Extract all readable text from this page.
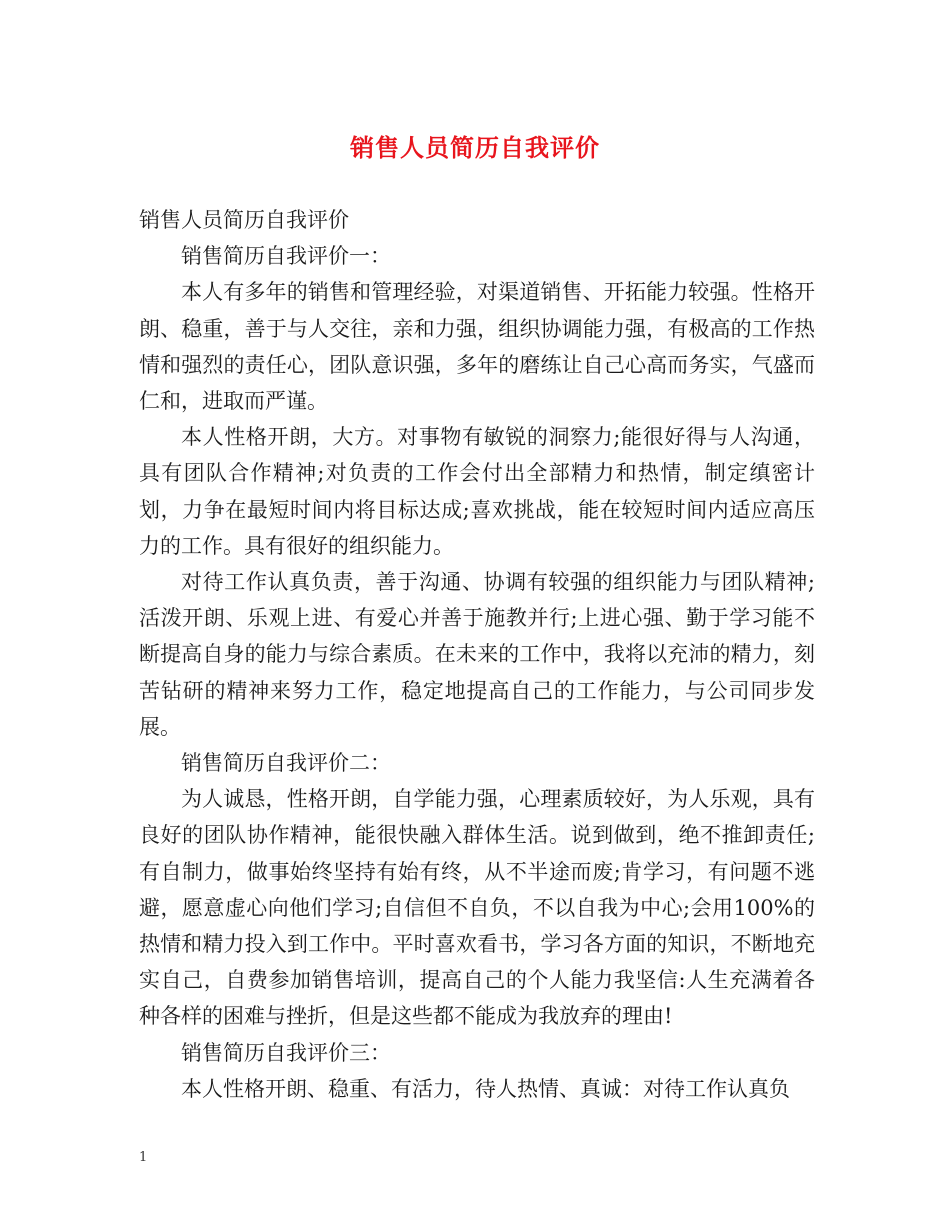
销售人员简历自我评价

销售人员简历自我评价

销售简历自我评价一：

本人有多年的销售和管理经验，对渠道销售、开拓能力较强。性格开朗、稳重，善于与人交往，亲和力强，组织协调能力强，有极高的工作热情和强烈的责任心，团队意识强，多年的磨练让自己心高而务实，气盛而仁和，进取而严谨。

本人性格开朗，大方。对事物有敏锐的洞察力;能很好得与人沟通，具有团队合作精神;对负责的工作会付出全部精力和热情，制定缜密计划，力争在最短时间内将目标达成;喜欢挑战，能在较短时间内适应高压力的工作。具有很好的组织能力。

对待工作认真负责，善于沟通、协调有较强的组织能力与团队精神;活泼开朗、乐观上进、有爱心并善于施教并行;上进心强、勤于学习能不断提高自身的能力与综合素质。在未来的工作中，我将以充沛的精力，刻苦钻研的精神来努力工作，稳定地提高自己的工作能力，与公司同步发展。

销售简历自我评价二：

为人诚恳，性格开朗，自学能力强，心理素质较好，为人乐观，具有良好的团队协作精神，能很快融入群体生活。说到做到，绝不推卸责任;有自制力，做事始终坚持有始有终，从不半途而废;肯学习，有问题不逃避，愿意虚心向他们学习;自信但不自负，不以自我为中心;会用100%的热情和精力投入到工作中。平时喜欢看书，学习各方面的知识，不断地充实自己，自费参加销售培训，提高自己的个人能力我坚信:人生充满着各种各样的困难与挫折，但是这些都不能成为我放弃的理由!

销售简历自我评价三：

本人性格开朗、稳重、有活力，待人热情、真诚：对待工作认真负

1
